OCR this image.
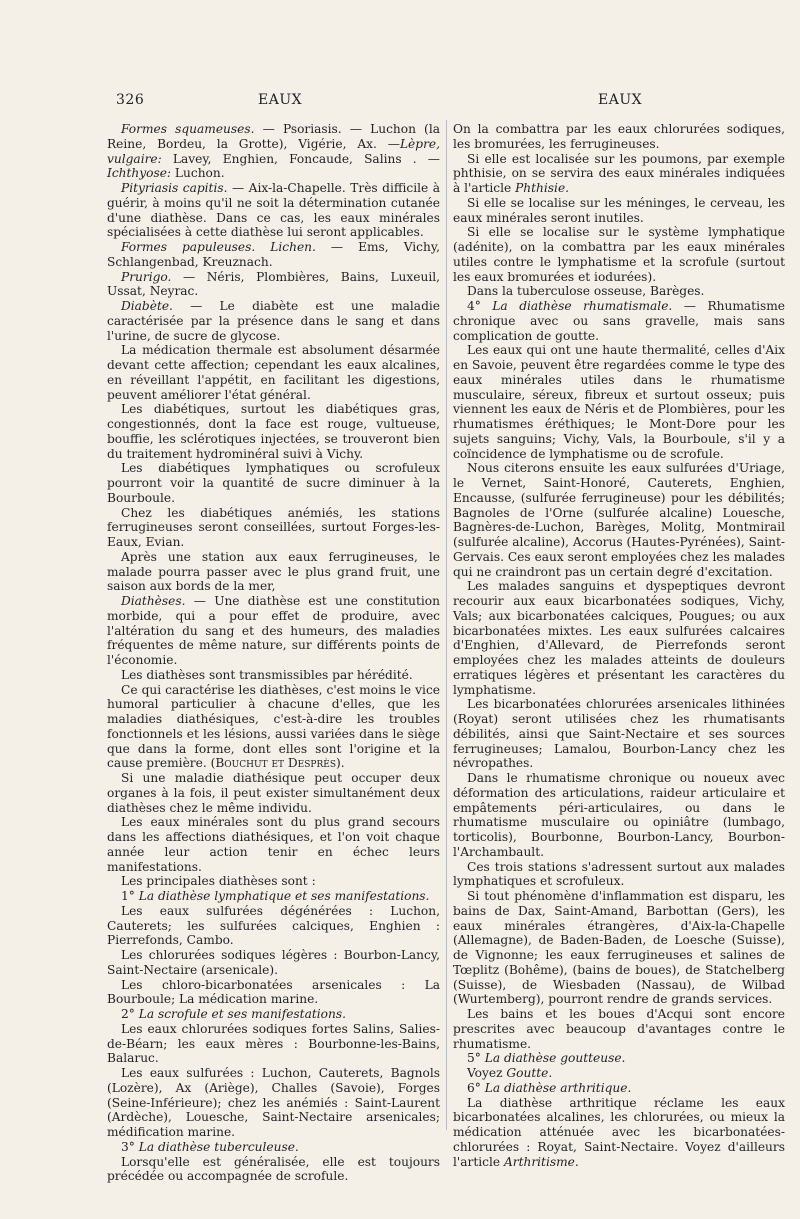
326	EAUX	EAUX

Formes squameuses. — Psoriasis. — Luchon (la Reine, Bordeu, la Grotte), Vigérie, Ax. —Lèpre, vulgaire: Lavey, Enghien, Foncaude, Salins . —Ichthyose: Luchon.

Pityriasis capitis. — Aix-la-Chapelle. Très difficile à guérir, à moins qu'il ne soit la détermination cutanée d'une diathèse. Dans ce cas, les eaux minérales spécialisées à cette diathèse lui seront applicables.

Formes papuleuses. Lichen. — Ems, Vichy, Schlangenbad, Kreuznach.

Prurigo. — Néris, Plombières, Bains, Luxeuil, Ussat, Neyrac.

Diabète. — Le diabète est une maladie caractérisée par la présence dans le sang et dans l'urine, de sucre de glycose.

La médication thermale est absolument désarmée devant cette affection; cependant les eaux alcalines, en réveillant l'appétit, en facilitant les digestions, peuvent améliorer l'état général.

Les diabétiques, surtout les diabétiques gras, congestionnés, dont la face est rouge, vultueuse, bouffie, les sclérotiques injectées, se trouveront bien du traitement hydrominéral suivi à Vichy.

Les diabétiques lymphatiques ou scrofuleux pourront voir la quantité de sucre diminuer à la Bourboule.

Chez les diabétiques anémiés, les stations ferrugineuses seront conseillées, surtout Forges-les-Eaux, Evian.

Après une station aux eaux ferrugineuses, le malade pourra passer avec le plus grand fruit, une saison aux bords de la mer,

Diathèses. — Une diathèse est une constitution morbide, qui a pour effet de produire, avec l'altération du sang et des humeurs, des maladies fréquentes de même nature, sur différents points de l'économie.

Les diathèses sont transmissibles par hérédité.

Ce qui caractérise les diathèses, c'est moins le vice humoral particulier à chacune d'elles, que les maladies diathésiques, c'est-à-dire les troubles fonctionnels et les lésions, aussi variées dans le siège que dans la forme, dont elles sont l'origine et la cause première. (Bouchut et Desprès).

Si une maladie diathésique peut occuper deux organes à la fois, il peut exister simultanément deux diathèses chez le même individu.

Les eaux minérales sont du plus grand secours dans les affections diathésiques, et l'on voit chaque année leur action tenir en échec leurs manifestations.

Les principales diathèses sont :

1° La diathèse lymphatique et ses manifestations.

Les eaux sulfurées dégénérées : Luchon, Cauterets; les sulfurées calciques, Enghien : Pierrefonds, Cambo.

Les chlorurées sodiques légères : Bourbon-Lancy, Saint-Nectaire (arsenicale).

Les chloro-bicarbonatées arsenicales : La Bourboule; La médication marine.

2° La scrofule et ses manifestations.

Les eaux chlorurées sodiques fortes Salins, Salies-de-Béarn; les eaux mères : Bourbonne-les-Bains, Balaruc.

Les eaux sulfurées : Luchon, Cauterets, Bagnols (Lozère), Ax (Ariège), Challes (Savoie), Forges (Seine-Inférieure); chez les anémiés : Saint-Laurent (Ardèche), Louesche, Saint-Nectaire arsenicales; médification marine.

3° La diathèse tuberculeuse.

Lorsqu'elle est généralisée, elle est toujours précédée ou accompagnée de scrofule.

On la combattra par les eaux chlorurées sodiques, les bromurées, les ferrugineuses.

Si elle est localisée sur les poumons, par exemple phthisie, on se servira des eaux minérales indiquées à l'article Phthisie.

Si elle se localise sur les méninges, le cerveau, les eaux minérales seront inutiles.

Si elle se localise sur le système lymphatique (adénite), on la combattra par les eaux minérales utiles contre le lymphatisme et la scrofule (surtout les eaux bromurées et iodurées).

Dans la tuberculose osseuse, Barèges.

4° La diathèse rhumatismale. — Rhumatisme chronique avec ou sans gravelle, mais sans complication de goutte.

Les eaux qui ont une haute thermalité, celles d'Aix en Savoie, peuvent être regardées comme le type des eaux minérales utiles dans le rhumatisme musculaire, séreux, fibreux et surtout osseux; puis viennent les eaux de Néris et de Plombières, pour les rhumatismes éréthiques; le Mont-Dore pour les sujets sanguins; Vichy, Vals, la Bourboule, s'il y a coïncidence de lymphatisme ou de scrofule.

Nous citerons ensuite les eaux sulfurées d'Uriage, le Vernet, Saint-Honoré, Cauterets, Enghien, Encausse, (sulfurée ferrugineuse) pour les débilités; Bagnoles de l'Orne (sulfurée alcaline) Louesche, Bagnères-de-Luchon, Barèges, Molitg, Montmirail (sulfurée alcaline), Accorus (Hautes-Pyrénées), Saint-Gervais. Ces eaux seront employées chez les malades qui ne craindront pas un certain degré d'excitation.

Les malades sanguins et dyspeptiques devront recourir aux eaux bicarbonatées sodiques, Vichy, Vals; aux bicarbonatées calciques, Pougues; ou aux bicarbonatées mixtes. Les eaux sulfurées calcaires d'Enghien, d'Allevard, de Pierrefonds seront employées chez les malades atteints de douleurs erratiques légères et présentant les caractères du lymphatisme.

Les bicarbonatées chlorurées arsenicales lithinées (Royat) seront utilisées chez les rhumatisants débilités, ainsi que Saint-Nectaire et ses sources ferrugineuses; Lamalou, Bourbon-Lancy chez les névropathes.

Dans le rhumatisme chronique ou noueux avec déformation des articulations, raideur articulaire et empâtements péri-articulaires, ou dans le rhumatisme musculaire ou opiniâtre (lumbago, torticolis), Bourbonne, Bourbon-Lancy, Bourbon-l'Archambault.

Ces trois stations s'adressent surtout aux malades lymphatiques et scrofuleux.

Si tout phénomène d'inflammation est disparu, les bains de Dax, Saint-Amand, Barbottan (Gers), les eaux minérales étrangères, d'Aix-la-Chapelle (Allemagne), de Baden-Baden, de Loesche (Suisse), de Vignonne; les eaux ferrugineuses et salines de Tœplitz (Bohême), (bains de boues), de Statchelberg (Suisse), de Wiesbaden (Nassau), de Wilbad (Wurtemberg), pourront rendre de grands services.

Les bains et les boues d'Acqui sont encore prescrites avec beaucoup d'avantages contre le rhumatisme.

5° La diathèse goutteuse.

Voyez Goutte.

6° La diathèse arthritique.

La diathèse arthritique réclame les eaux bicarbonatées alcalines, les chlorurées, ou mieux la médication atténuée avec les bicarbonatées-chlorurées : Royat, Saint-Nectaire. Voyez d'ailleurs l'article Arthritisme.
